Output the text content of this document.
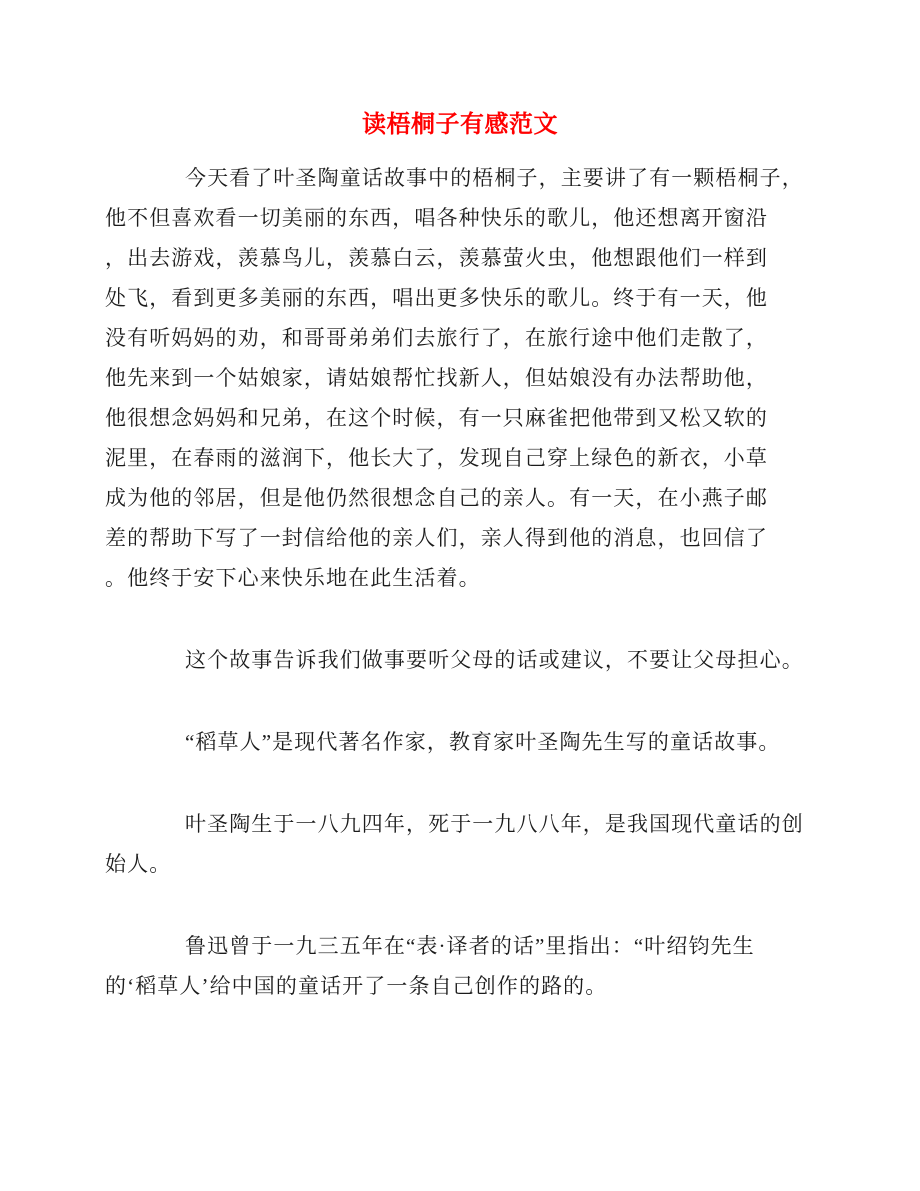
读梧桐子有感范文

今天看了叶圣陶童话故事中的梧桐子，主要讲了有一颗梧桐子，
他不但喜欢看一切美丽的东西，唱各种快乐的歌儿，他还想离开窗沿
，出去游戏，羡慕鸟儿，羡慕白云，羡慕萤火虫，他想跟他们一样到
处飞，看到更多美丽的东西，唱出更多快乐的歌儿。终于有一天，他
没有听妈妈的劝，和哥哥弟弟们去旅行了，在旅行途中他们走散了，
他先来到一个姑娘家，请姑娘帮忙找新人，但姑娘没有办法帮助他，
他很想念妈妈和兄弟，在这个时候，有一只麻雀把他带到又松又软的
泥里，在春雨的滋润下，他长大了，发现自己穿上绿色的新衣，小草
成为他的邻居，但是他仍然很想念自己的亲人。有一天，在小燕子邮
差的帮助下写了一封信给他的亲人们，亲人得到他的消息，也回信了
。他终于安下心来快乐地在此生活着。

这个故事告诉我们做事要听父母的话或建议，不要让父母担心。

“稻草人”是现代著名作家，教育家叶圣陶先生写的童话故事。

叶圣陶生于一八九四年，死于一九八八年，是我国现代童话的创
始人。

鲁迅曾于一九三五年在“表·译者的话”里指出：“叶绍钧先生
的‘稻草人’给中国的童话开了一条自己创作的路的。
